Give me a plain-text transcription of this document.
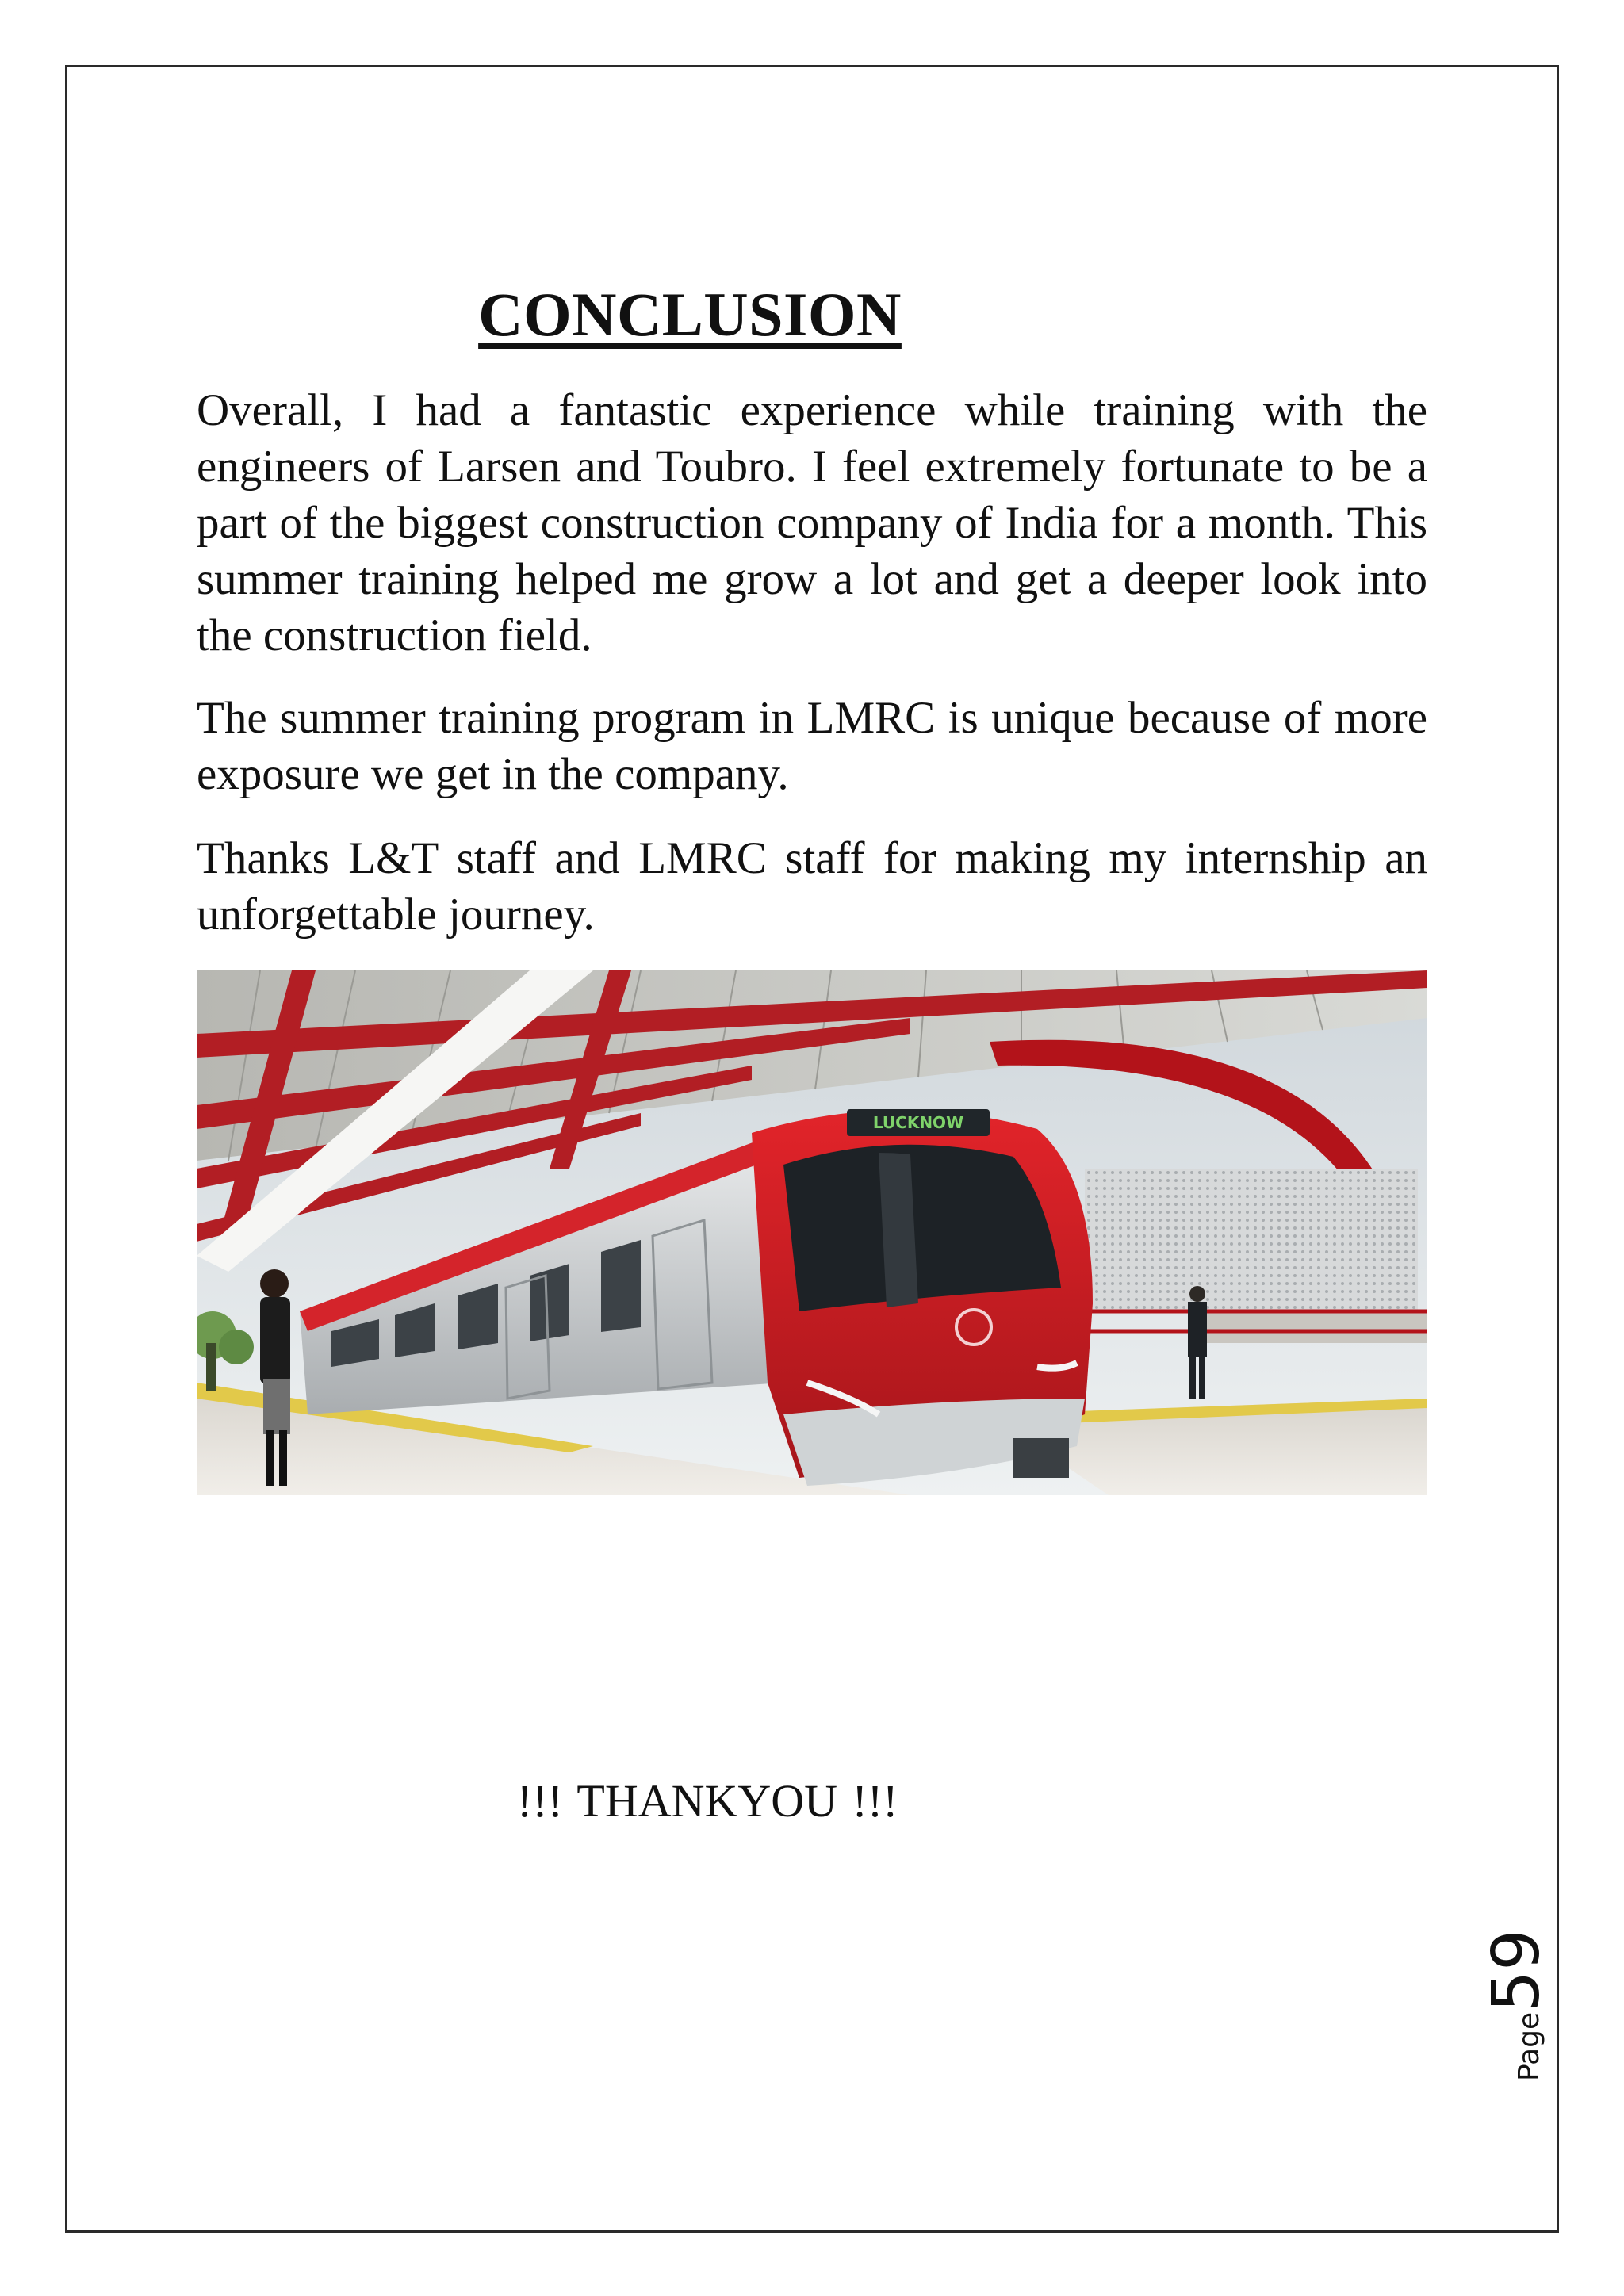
CONCLUSION

Overall, I had a fantastic experience while training with the engineers of Larsen and Toubro. I feel extremely fortunate to be a part of the biggest construction company of India for a month. This summer training helped me grow a lot and get a deeper look into the construction field.

The summer training program in LMRC is unique because of more exposure we get in the company.

Thanks L&T staff and LMRC staff for making my internship an unforgettable journey.

LUCKNOW
!!! THANKYOU !!!
Page59
